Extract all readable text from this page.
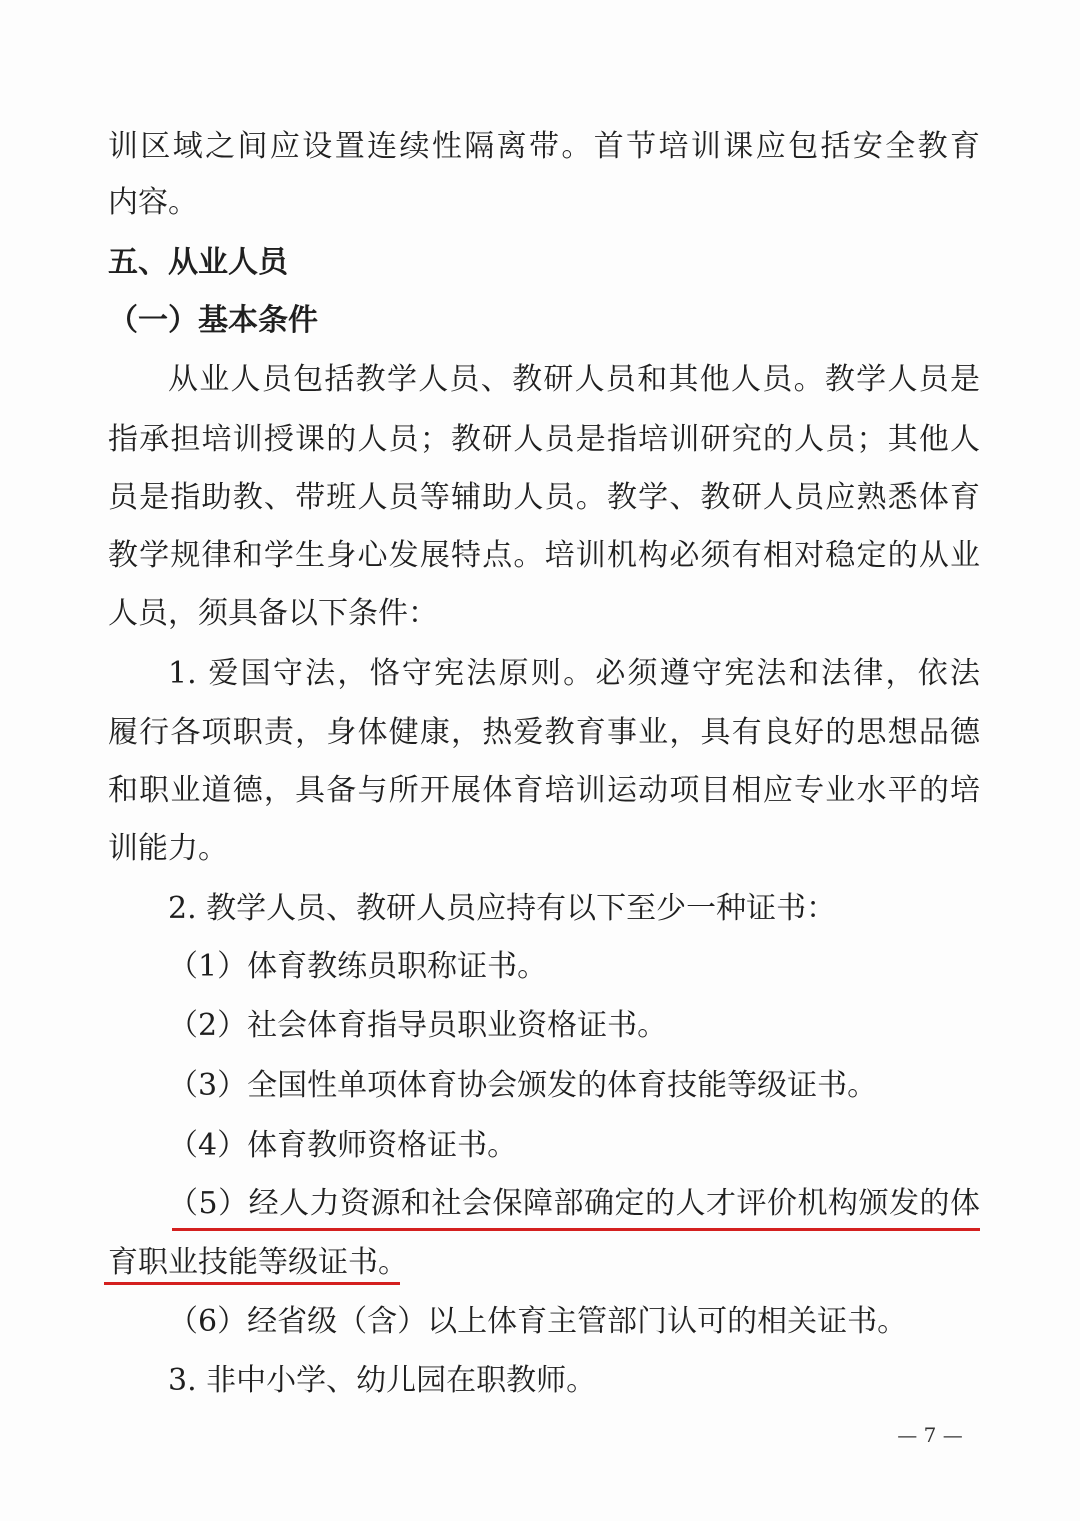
训区域之间应设置连续性隔离带。首节培训课应包括安全教育
内容。
五、从业人员
（一）基本条件
从业人员包括教学人员、教研人员和其他人员。教学人员是
指承担培训授课的人员；教研人员是指培训研究的人员；其他人
员是指助教、带班人员等辅助人员。教学、教研人员应熟悉体育
教学规律和学生身心发展特点。培训机构必须有相对稳定的从业
人员，须具备以下条件：
1. 爱国守法，恪守宪法原则。必须遵守宪法和法律，依法
履行各项职责，身体健康，热爱教育事业，具有良好的思想品德
和职业道德，具备与所开展体育培训运动项目相应专业水平的培
训能力。
2. 教学人员、教研人员应持有以下至少一种证书：
（1）体育教练员职称证书。
（2）社会体育指导员职业资格证书。
（3）全国性单项体育协会颁发的体育技能等级证书。
（4）体育教师资格证书。
（5）经人力资源和社会保障部确定的人才评价机构颁发的体
育职业技能等级证书。
（6）经省级（含）以上体育主管部门认可的相关证书。
3. 非中小学、幼儿园在职教师。
— 7 —
